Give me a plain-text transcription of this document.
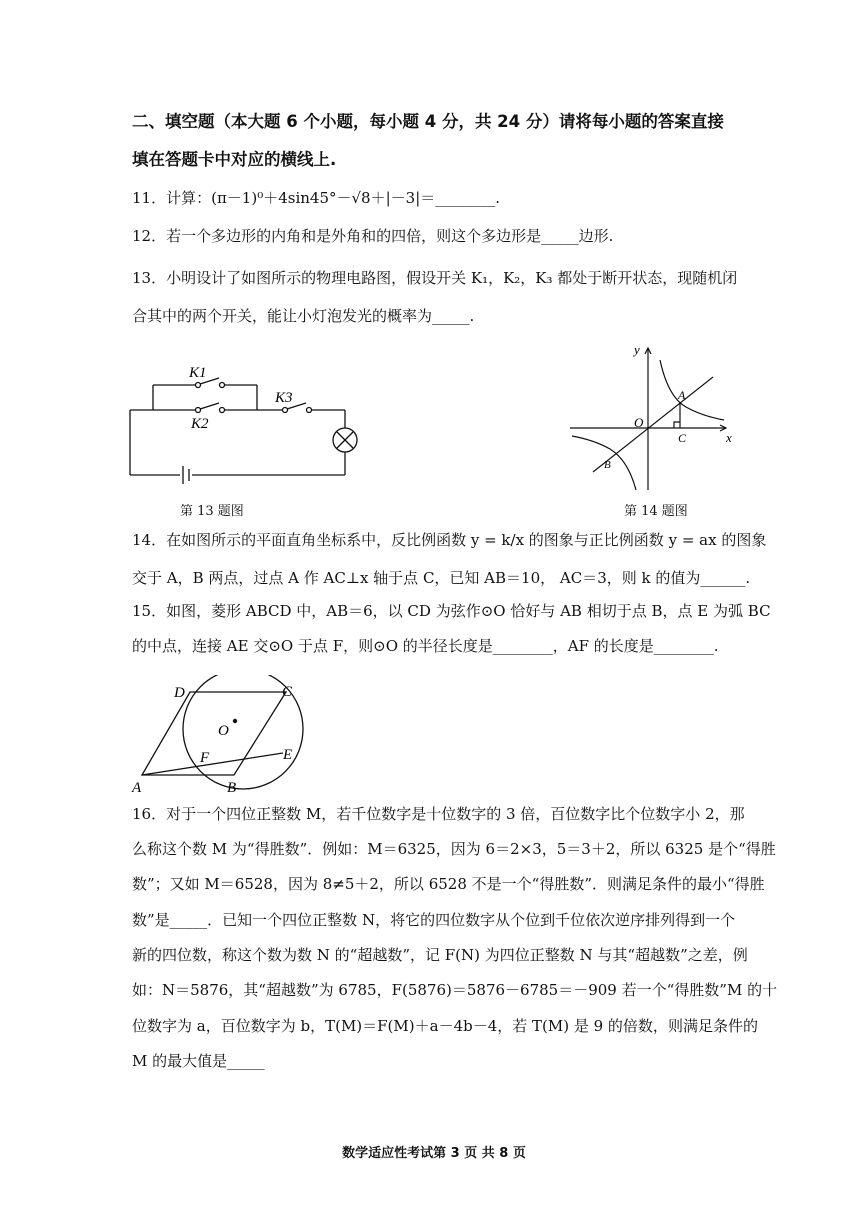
二、填空题（本大题 6 个小题，每小题 4 分，共 24 分）请将每小题的答案直接
填在答题卡中对应的横线上.
11．计算：(π－1)⁰＋4sin45°－√8＋|－3|＝________.
12．若一个多边形的内角和是外角和的四倍，则这个多边形是_____边形.
13．小明设计了如图所示的物理电路图，假设开关 K₁，K₂，K₃ 都处于断开状态，现随机闭
合其中的两个开关，能让小灯泡发光的概率为_____.
K1
K2
K3
第 13 题图
y
x
O
A
C
B
第 14 题图
14．在如图所示的平面直角坐标系中，反比例函数 y = k/x 的图象与正比例函数 y = ax 的图象
交于 A，B 两点，过点 A 作 AC⊥x 轴于点 C，已知 AB＝10， AC＝3，则 k 的值为______.
15．如图，菱形 ABCD 中，AB＝6，以 CD 为弦作⊙O 恰好与 AB 相切于点 B，点 E 为弧 BC
的中点，连接 AE 交⊙O 于点 F，则⊙O 的半径长度是________，AF 的长度是________.
D	C
O
F	E
A	B
16．对于一个四位正整数 M，若千位数字是十位数字的 3 倍，百位数字比个位数字小 2，那
么称这个数 M 为“得胜数”．例如：M＝6325，因为 6＝2×3，5＝3＋2，所以 6325 是个“得胜
数”；又如 M＝6528，因为 8≠5＋2，所以 6528 不是一个“得胜数”．则满足条件的最小“得胜
数”是_____．已知一个四位正整数 N，将它的四位数字从个位到千位依次逆序排列得到一个
新的四位数，称这个数为数 N 的“超越数”，记 F(N) 为四位正整数 N 与其“超越数”之差，例
如：N＝5876，其“超越数”为 6785，F(5876)＝5876－6785＝－909 若一个“得胜数”M 的十
位数字为 a，百位数字为 b，T(M)＝F(M)＋a－4b－4，若 T(M) 是 9 的倍数，则满足条件的
M 的最大值是_____
数学适应性考试第 3 页 共 8 页
